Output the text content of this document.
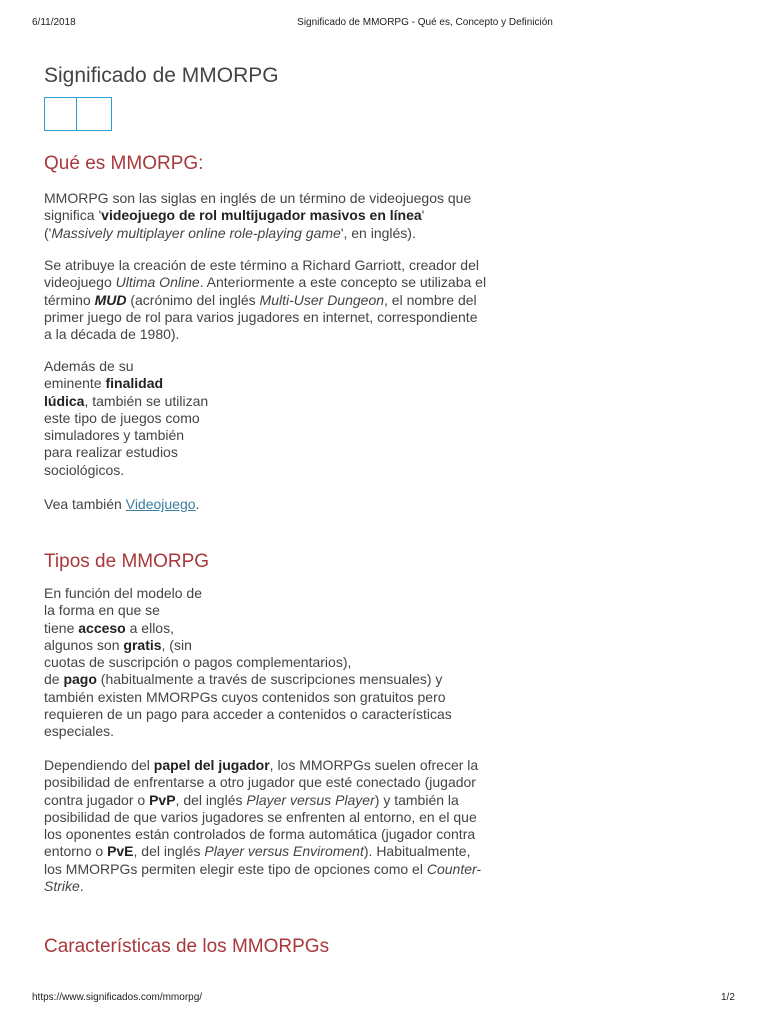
6/11/2018	Significado de MMORPG - Qué es, Concepto y Definición
Significado de MMORPG
Qué es MMORPG:

MMORPG son las siglas en inglés de un término de videojuegos que
significa 'videojuego de rol multijugador masivos en línea'
('Massively multiplayer online role-playing game', en inglés).

Se atribuye la creación de este término a Richard Garriott, creador del
videojuego Ultima Online. Anteriormente a este concepto se utilizaba el
término MUD (acrónimo del inglés Multi-User Dungeon, el nombre del
primer juego de rol para varios jugadores en internet, correspondiente
a la década de 1980).

Además de su
eminente finalidad
lúdica, también se utilizan
este tipo de juegos como
simuladores y también
para realizar estudios
sociológicos.

Vea también Videojuego.

Tipos de MMORPG

En función del modelo de
la forma en que se
tiene acceso a ellos,
algunos son gratis, (sin
cuotas de suscripción o pagos complementarios),
de pago (habitualmente a través de suscripciones mensuales) y
también existen MMORPGs cuyos contenidos son gratuitos pero
requieren de un pago para acceder a contenidos o características
especiales.

Dependiendo del papel del jugador, los MMORPGs suelen ofrecer la
posibilidad de enfrentarse a otro jugador que esté conectado (jugador
contra jugador o PvP, del inglés Player versus Player) y también la
posibilidad de que varios jugadores se enfrenten al entorno, en el que
los oponentes están controlados de forma automática (jugador contra
entorno o PvE, del inglés Player versus Enviroment). Habitualmente,
los MMORPGs permiten elegir este tipo de opciones como el Counter-
Strike.

Características de los MMORPGs
https://www.significados.com/mmorpg/	1/2
